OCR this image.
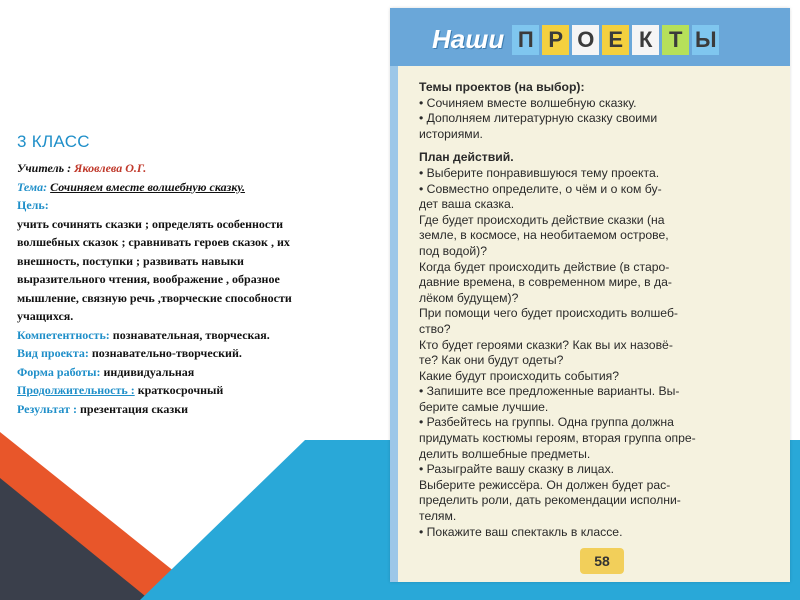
3 КЛАСС
Учитель : Яковлева О.Г.
Тема: Сочиняем вместе волшебную сказку.
Цель:
учить сочинять сказки ; определять особенности
волшебных сказок ; сравнивать героев сказок , их
внешность, поступки ; развивать навыки
выразительного чтения, воображение , образное
мышление, связную речь ,творческие способности
учащихся.
Компетентность: познавательная, творческая.
Вид проекта: познавательно-творческий.
Форма работы: индивидуальная
Продолжительность : краткосрочный
Результат : презентация сказки
Наши П Р О Е К Т Ы
Темы проектов (на выбор):
• Сочиняем вместе волшебную сказку.
• Дополняем литературную сказку своими
историями.
План действий.
• Выберите понравившуюся тему проекта.
• Совместно определите, о чём и о ком бу-
дет ваша сказка.
Где будет происходить действие сказки (на
земле, в космосе, на необитаемом острове,
под водой)?
Когда будет происходить действие (в старо-
давние времена, в современном мире, в да-
лёком будущем)?
При помощи чего будет происходить волшеб-
ство?
Кто будет героями сказки? Как вы их назовё-
те? Как они будут одеты?
Какие будут происходить события?
• Запишите все предложенные варианты. Вы-
берите самые лучшие.
• Разбейтесь на группы. Одна группа должна
придумать костюмы героям, вторая группа опре-
делить волшебные предметы.
• Разыграйте вашу сказку в лицах.
Выберите режиссёра. Он должен будет рас-
пределить роли, дать рекомендации исполни-
телям.
• Покажите ваш спектакль в классе.
58
